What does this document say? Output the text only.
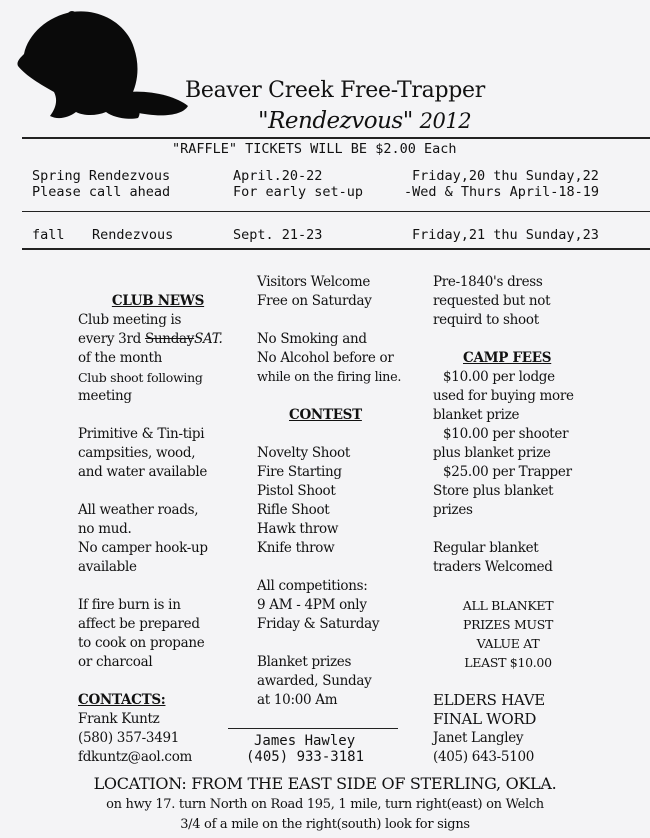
Beaver Creek Free-Trapper
"Rendezvous" 2012
"RAFFLE" TICKETS WILL BE $2.00 Each
Spring Rendezvous	April.20-22	Friday,20 thu Sunday,22
Please call ahead	For early set-up	-Wed & Thurs April-18-19
fall Rendezvous	Sept. 21-23	Friday,21 thu Sunday,23
CLUB NEWS
Club meeting is
every 3rd SundaySAT.
of the month
Club shoot following
meeting
Primitive & Tin-tipi
campsities, wood,
and water available
All weather roads,
no mud.
No camper hook-up
available
If fire burn is in
affect be prepared
to cook on propane
or charcoal
CONTACTS:
Frank Kuntz
(580) 357-3491
fdkuntz@aol.com
Visitors Welcome
Free on Saturday
No Smoking and
No Alcohol before or
while on the firing line.
CONTEST
Novelty Shoot
Fire Starting
Pistol Shoot
Rifle Shoot
Hawk throw
Knife throw
All competitions:
9 AM - 4PM only
Friday & Saturday
Blanket prizes
awarded, Sunday
at 10:00 Am
James Hawley
(405) 933-3181
Pre-1840's dress
requested but not
requird to shoot
CAMP FEES
$10.00 per lodge
used for buying more
blanket prize
$10.00 per shooter
plus blanket prize
$25.00 per Trapper
Store plus blanket
prizes
Regular blanket
traders Welcomed
ALL BLANKET
PRIZES MUST
VALUE AT
LEAST $10.00
ELDERS HAVE
FINAL WORD
Janet Langley
(405) 643-5100
LOCATION: FROM THE EAST SIDE OF STERLING, OKLA.
on hwy 17. turn North on Road 195, 1 mile, turn right(east) on Welch
3/4 of a mile on the right(south) look for signs
